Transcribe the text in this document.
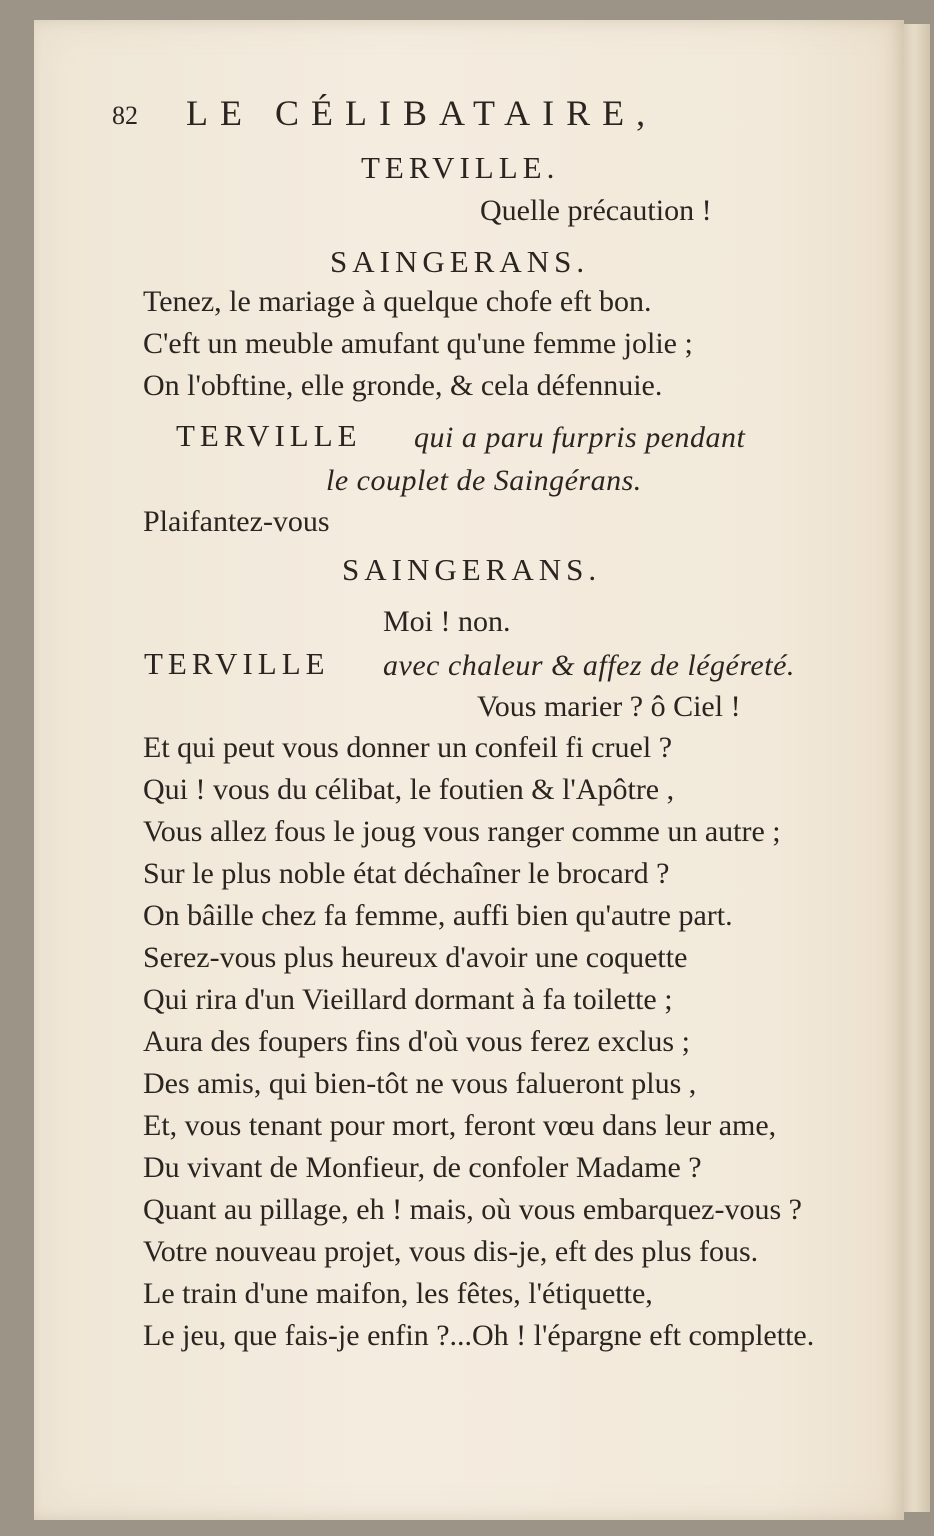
82 LE CÉLIBATAIRE,
TERVILLE.
Quelle précaution !
SAINGERANS.
Tenez, le mariage à quelque chofe eft bon.
C'eft un meuble amufant qu'une femme jolie ;
On l'obftine, elle gronde, & cela défennuie.
TERVILLE qui a paru furpris pendant
le couplet de Saingérans.
Plaifantez-vous
SAINGERANS.
Moi ! non.
TERVILLE avec chaleur & affez de légéreté.
Vous marier ? ô Ciel !
Et qui peut vous donner un confeil fi cruel ?
Qui ! vous du célibat, le foutien & l'Apôtre ,
Vous allez fous le joug vous ranger comme un autre ;
Sur le plus noble état déchaîner le brocard ?
On bâille chez fa femme, auffi bien qu'autre part.
Serez-vous plus heureux d'avoir une coquette
Qui rira d'un Vieillard dormant à fa toilette ;
Aura des foupers fins d'où vous ferez exclus ;
Des amis, qui bien-tôt ne vous falueront plus ,
Et, vous tenant pour mort, feront vœu dans leur ame,
Du vivant de Monfieur, de confoler Madame ?
Quant au pillage, eh ! mais, où vous embarquez-vous ?
Votre nouveau projet, vous dis-je, eft des plus fous.
Le train d'une maifon, les fêtes, l'étiquette,
Le jeu, que fais-je enfin ?...Oh ! l'épargne eft complette.
